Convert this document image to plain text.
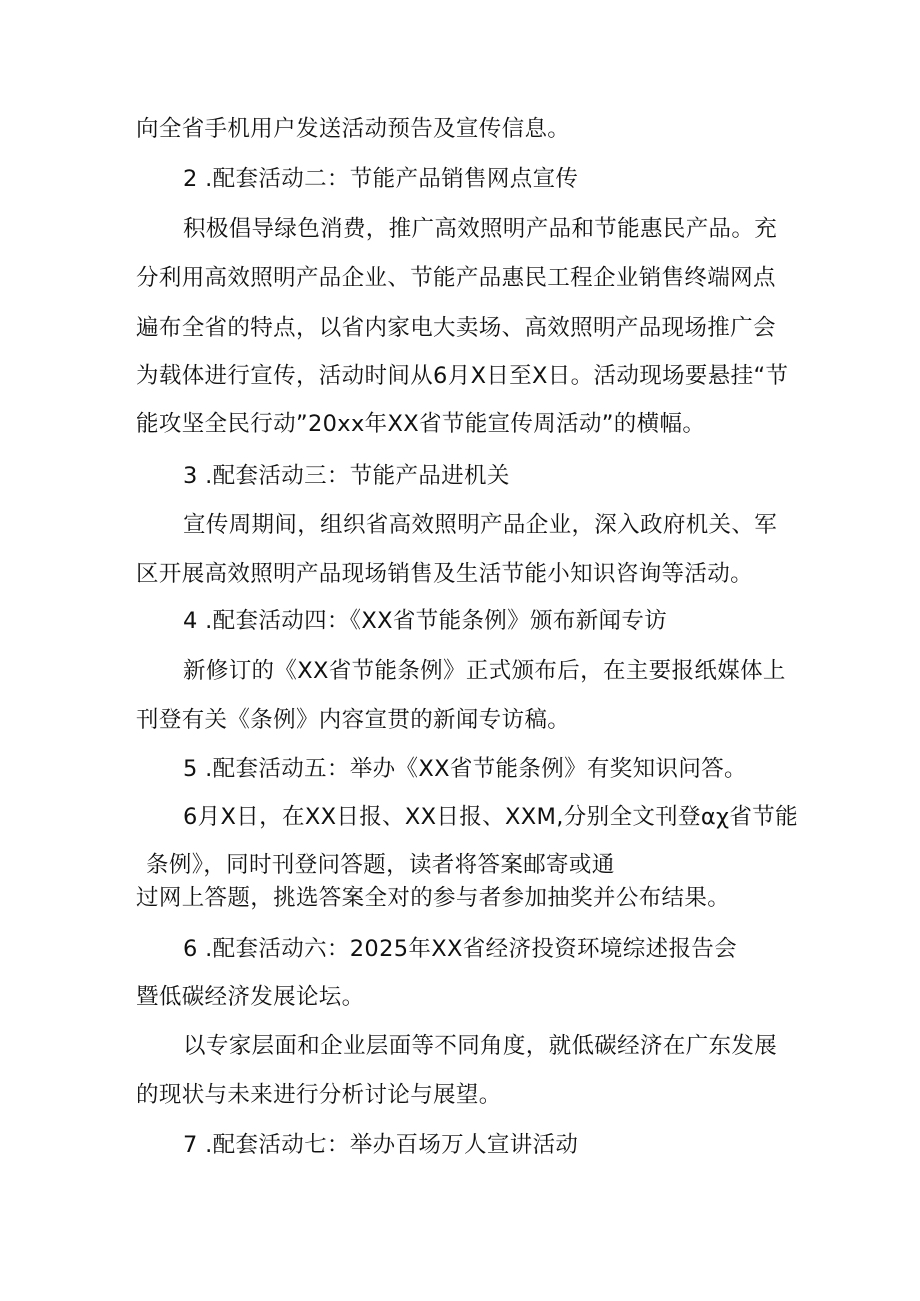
向全省手机用户发送活动预告及宣传信息。
2 .配套活动二：节能产品销售网点宣传
积极倡导绿色消费，推广高效照明产品和节能惠民产品。充
分利用高效照明产品企业、节能产品惠民工程企业销售终端网点
遍布全省的特点，以省内家电大卖场、高效照明产品现场推广会
为载体进行宣传，活动时间从6月X日至X日。活动现场要悬挂“节
能攻坚全民行动”20xx年XX省节能宣传周活动”的横幅。
3 .配套活动三：节能产品进机关
宣传周期间，组织省高效照明产品企业，深入政府机关、军
区开展高效照明产品现场销售及生活节能小知识咨询等活动。
4 .配套活动四：《XX省节能条例》颁布新闻专访
新修订的《XX省节能条例》正式颁布后，在主要报纸媒体上
刊登有关《条例》内容宣贯的新闻专访稿。
5 .配套活动五：举办《XX省节能条例》有奖知识问答。
6月X日，在XX日报、XX日报、XXM,分别全文刊登αχ省节能
条例》，同时刊登问答题，读者将答案邮寄或通
过网上答题，挑选答案全对的参与者参加抽奖并公布结果。
6 .配套活动六：2025年XX省经济投资环境综述报告会
暨低碳经济发展论坛。
以专家层面和企业层面等不同角度，就低碳经济在广东发展
的现状与未来进行分析讨论与展望。
7 .配套活动七：举办百场万人宣讲活动
